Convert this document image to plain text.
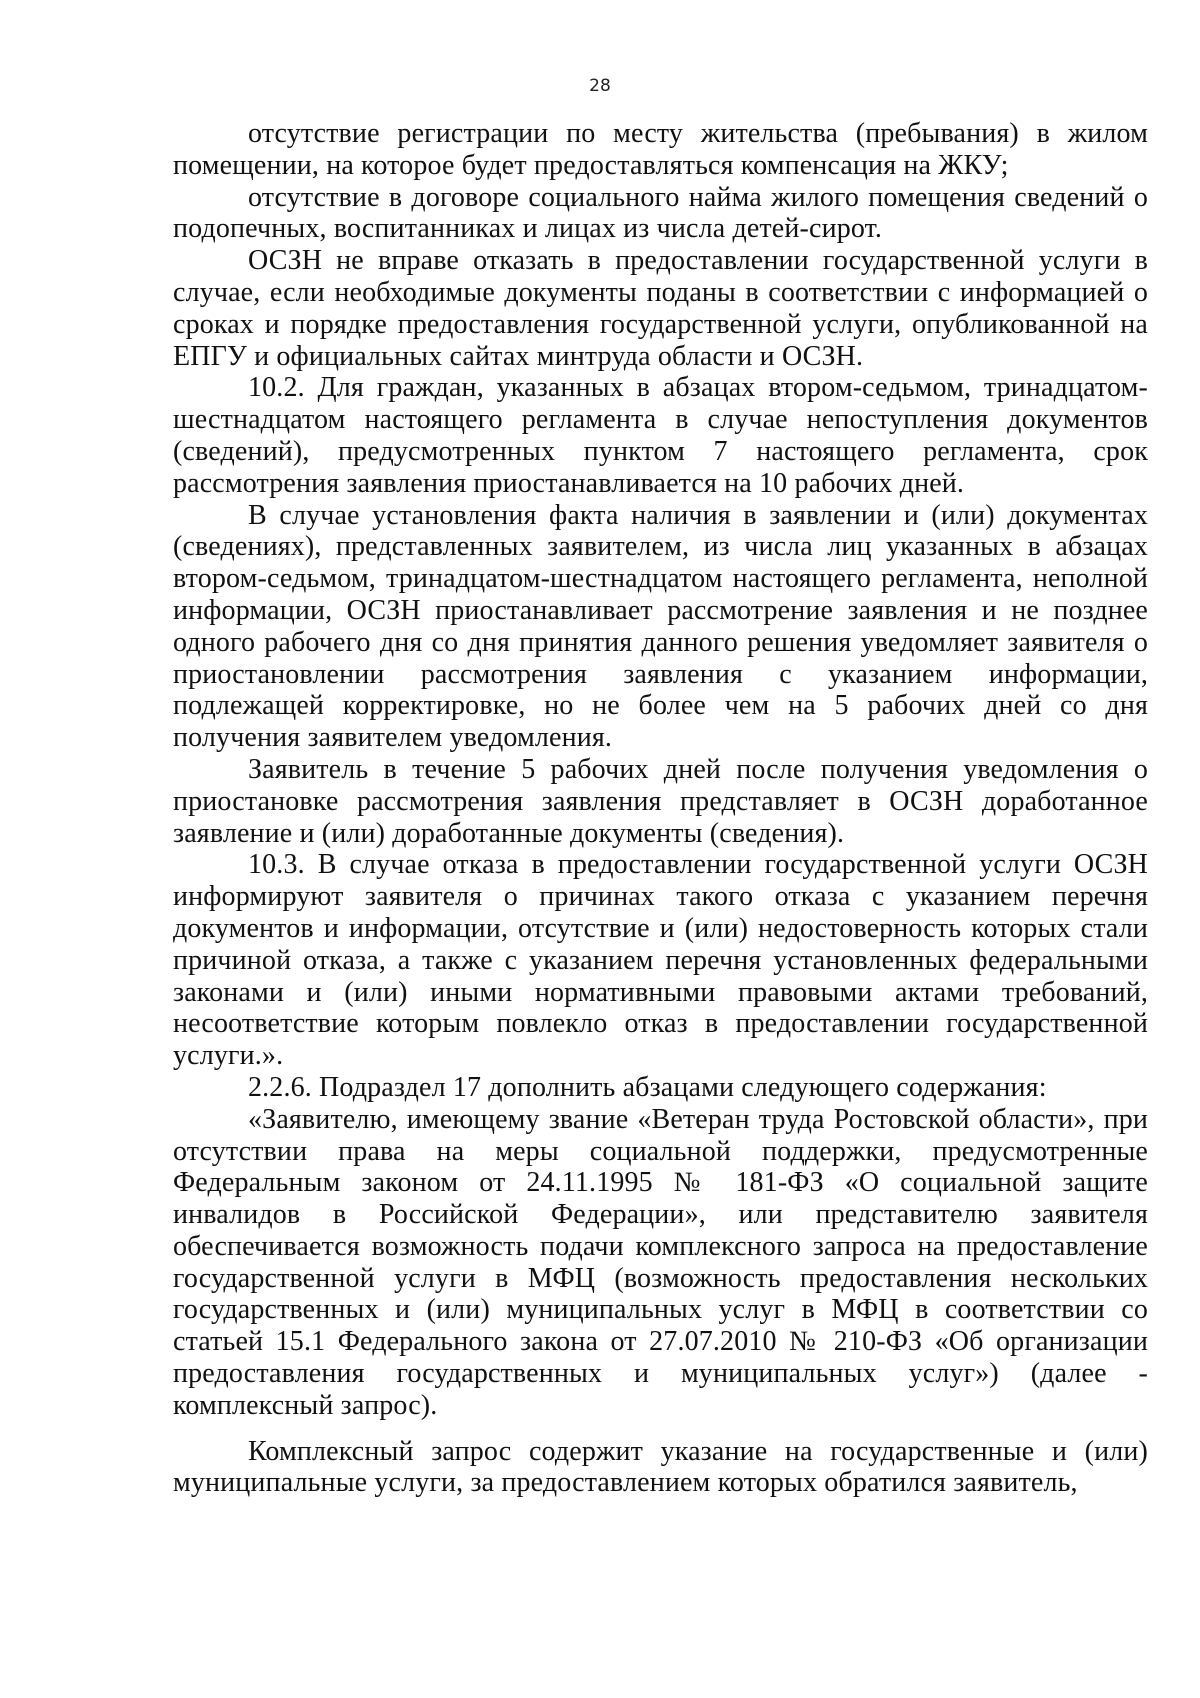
28

отсутствие регистрации по месту жительства (пребывания) в жилом помещении, на которое будет предоставляться компенсация на ЖКУ;

отсутствие в договоре социального найма жилого помещения сведений о подопечных, воспитанниках и лицах из числа детей-сирот.

ОСЗН не вправе отказать в предоставлении государственной услуги в случае, если необходимые документы поданы в соответствии с информацией о сроках и порядке предоставления государственной услуги, опубликованной на ЕПГУ и официальных сайтах минтруда области и ОСЗН.

10.2. Для граждан, указанных в абзацах втором-седьмом, тринадцатом-шестнадцатом настоящего регламента в случае непоступления документов (сведений), предусмотренных пунктом 7 настоящего регламента, срок рассмотрения заявления приостанавливается на 10 рабочих дней.

В случае установления факта наличия в заявлении и (или) документах (сведениях), представленных заявителем, из числа лиц указанных в абзацах втором-седьмом, тринадцатом-шестнадцатом настоящего регламента, неполной информации, ОСЗН приостанавливает рассмотрение заявления и не позднее одного рабочего дня со дня принятия данного решения уведомляет заявителя о приостановлении рассмотрения заявления с указанием информации, подлежащей корректировке, но не более чем на 5 рабочих дней со дня получения заявителем уведомления.

Заявитель в течение 5 рабочих дней после получения уведомления о приостановке рассмотрения заявления представляет в ОСЗН доработанное заявление и (или) доработанные документы (сведения).

10.3. В случае отказа в предоставлении государственной услуги ОСЗН информируют заявителя о причинах такого отказа с указанием перечня документов и информации, отсутствие и (или) недостоверность которых стали причиной отказа, а также с указанием перечня установленных федеральными законами и (или) иными нормативными правовыми актами требований, несоответствие которым повлекло отказ в предоставлении государственной услуги.».

2.2.6. Подраздел 17 дополнить абзацами следующего содержания:

«Заявителю, имеющему звание «Ветеран труда Ростовской области», при отсутствии права на меры социальной поддержки, предусмотренные Федеральным законом от 24.11.1995 № 181-ФЗ «О социальной защите инвалидов в Российской Федерации», или представителю заявителя обеспечивается возможность подачи комплексного запроса на предоставление государственной услуги в МФЦ (возможность предоставления нескольких государственных и (или) муниципальных услуг в МФЦ в соответствии со статьей 15.1 Федерального закона от 27.07.2010 № 210-ФЗ «Об организации предоставления государственных и муниципальных услуг») (далее - комплексный запрос).

Комплексный запрос содержит указание на государственные и (или) муниципальные услуги, за предоставлением которых обратился заявитель,
